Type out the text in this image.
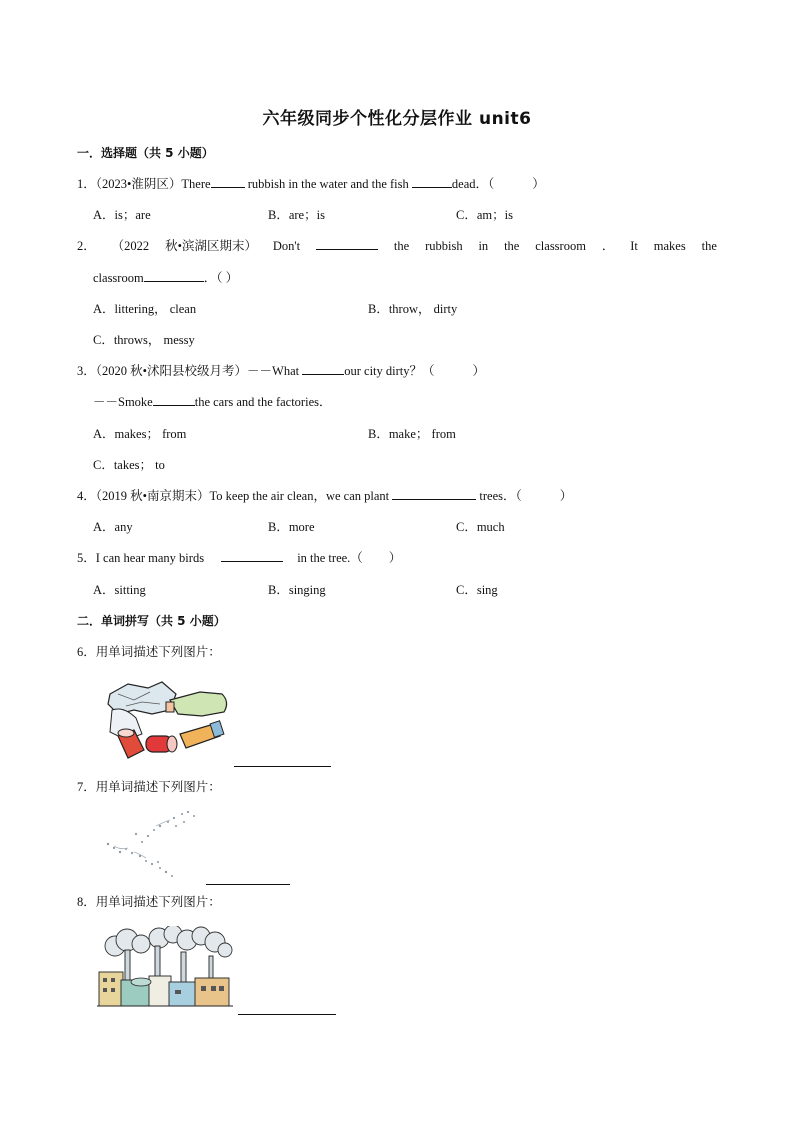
六年级同步个性化分层作业 unit6
一．选择题（共 5 小题）
1．（2023•淮阴区）There	rubbish in the water and the fish	dead．（	）
A．is；are	B．are；is	C．am；is
2． （2022 秋•滨湖区期末） Don't	the rubbish in the classroom ． It makes the
classroom	．（ ）
A．littering， clean	B．throw， dirty
C．throws， messy
3．（2020 秋•沭阳县校级月考）－－What	our city dirty？（	）
－－Smoke	the cars and the factories．
A．makes； from	B．make； from
C．takes； to
4．（2019 秋•南京期末）To keep the air clean，we can plant	trees．（	）
A．any	B．more	C．much
5．I can hear many birds	in the tree.（ ）
A．sitting	B．singing	C．sing
二．单词拼写（共 5 小题）
6．用单词描述下列图片：
7．用单词描述下列图片：
8．用单词描述下列图片：
